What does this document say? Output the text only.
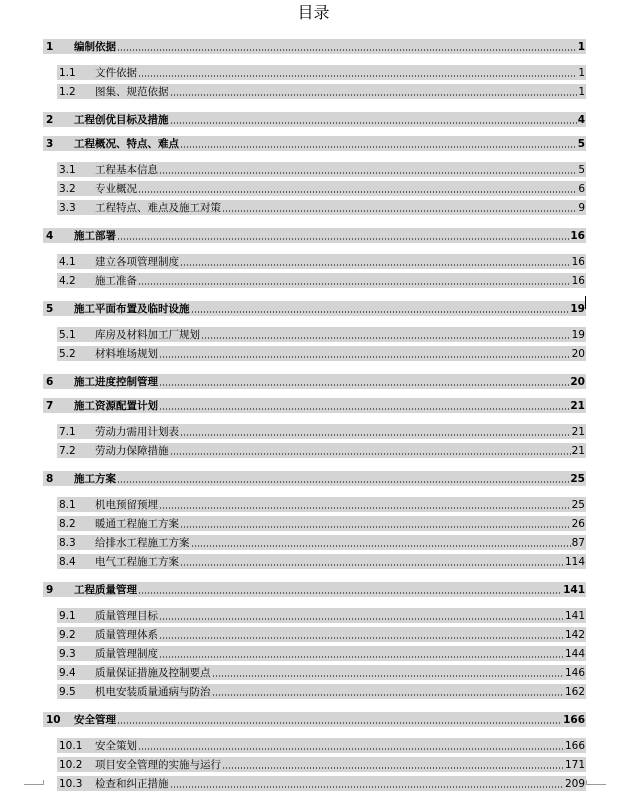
目录
1	编制依据	1
1.1	文件依据	1
1.2	图集、规范依据	1
2	工程创优目标及措施	4
3	工程概况、特点、难点	5
3.1	工程基本信息	5
3.2	专业概况	6
3.3	工程特点、难点及施工对策	9
4	施工部署	16
4.1	建立各项管理制度	16
4.2	施工准备	16
5	施工平面布置及临时设施	19
5.1	库房及材料加工厂规划	19
5.2	材料堆场规划	20
6	施工进度控制管理	20
7	施工资源配置计划	21
7.1	劳动力需用计划表	21
7.2	劳动力保障措施	21
8	施工方案	25
8.1	机电预留预埋	25
8.2	暖通工程施工方案	26
8.3	给排水工程施工方案	87
8.4	电气工程施工方案	114
9	工程质量管理	141
9.1	质量管理目标	141
9.2	质量管理体系	142
9.3	质量管理制度	144
9.4	质量保证措施及控制要点	146
9.5	机电安装质量通病与防治	162
10	安全管理	166
10.1	安全策划	166
10.2	项目安全管理的实施与运行	171
10.3	检查和纠正措施	209
